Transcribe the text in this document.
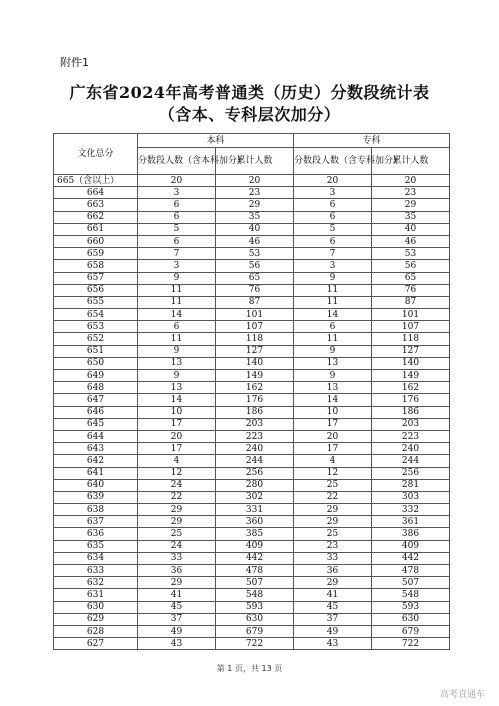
附件1
广东省2024年高考普通类（历史）分数段统计表
（含本、专科层次加分）
文化总分	本科		专科	
	分数段人数（含本科加分）	累计人数	分数段人数（含专科加分）	累计人数
665（含以上）	20	20	20	20
664	3	23	3	23
663	6	29	6	29
662	6	35	6	35
661	5	40	5	40
660	6	46	6	46
659	7	53	7	53
658	3	56	3	56
657	9	65	9	65
656	11	76	11	76
655	11	87	11	87
654	14	101	14	101
653	6	107	6	107
652	11	118	11	118
651	9	127	9	127
650	13	140	13	140
649	9	149	9	149
648	13	162	13	162
647	14	176	14	176
646	10	186	10	186
645	17	203	17	203
644	20	223	20	223
643	17	240	17	240
642	4	244	4	244
641	12	256	12	256
640	24	280	25	281
639	22	302	22	303
638	29	331	29	332
637	29	360	29	361
636	25	385	25	386
635	24	409	23	409
634	33	442	33	442
633	36	478	36	478
632	29	507	29	507
631	41	548	41	548
630	45	593	45	593
629	37	630	37	630
628	49	679	49	679
627	43	722	43	722
第 1 页，共 13 页
高考直通车
